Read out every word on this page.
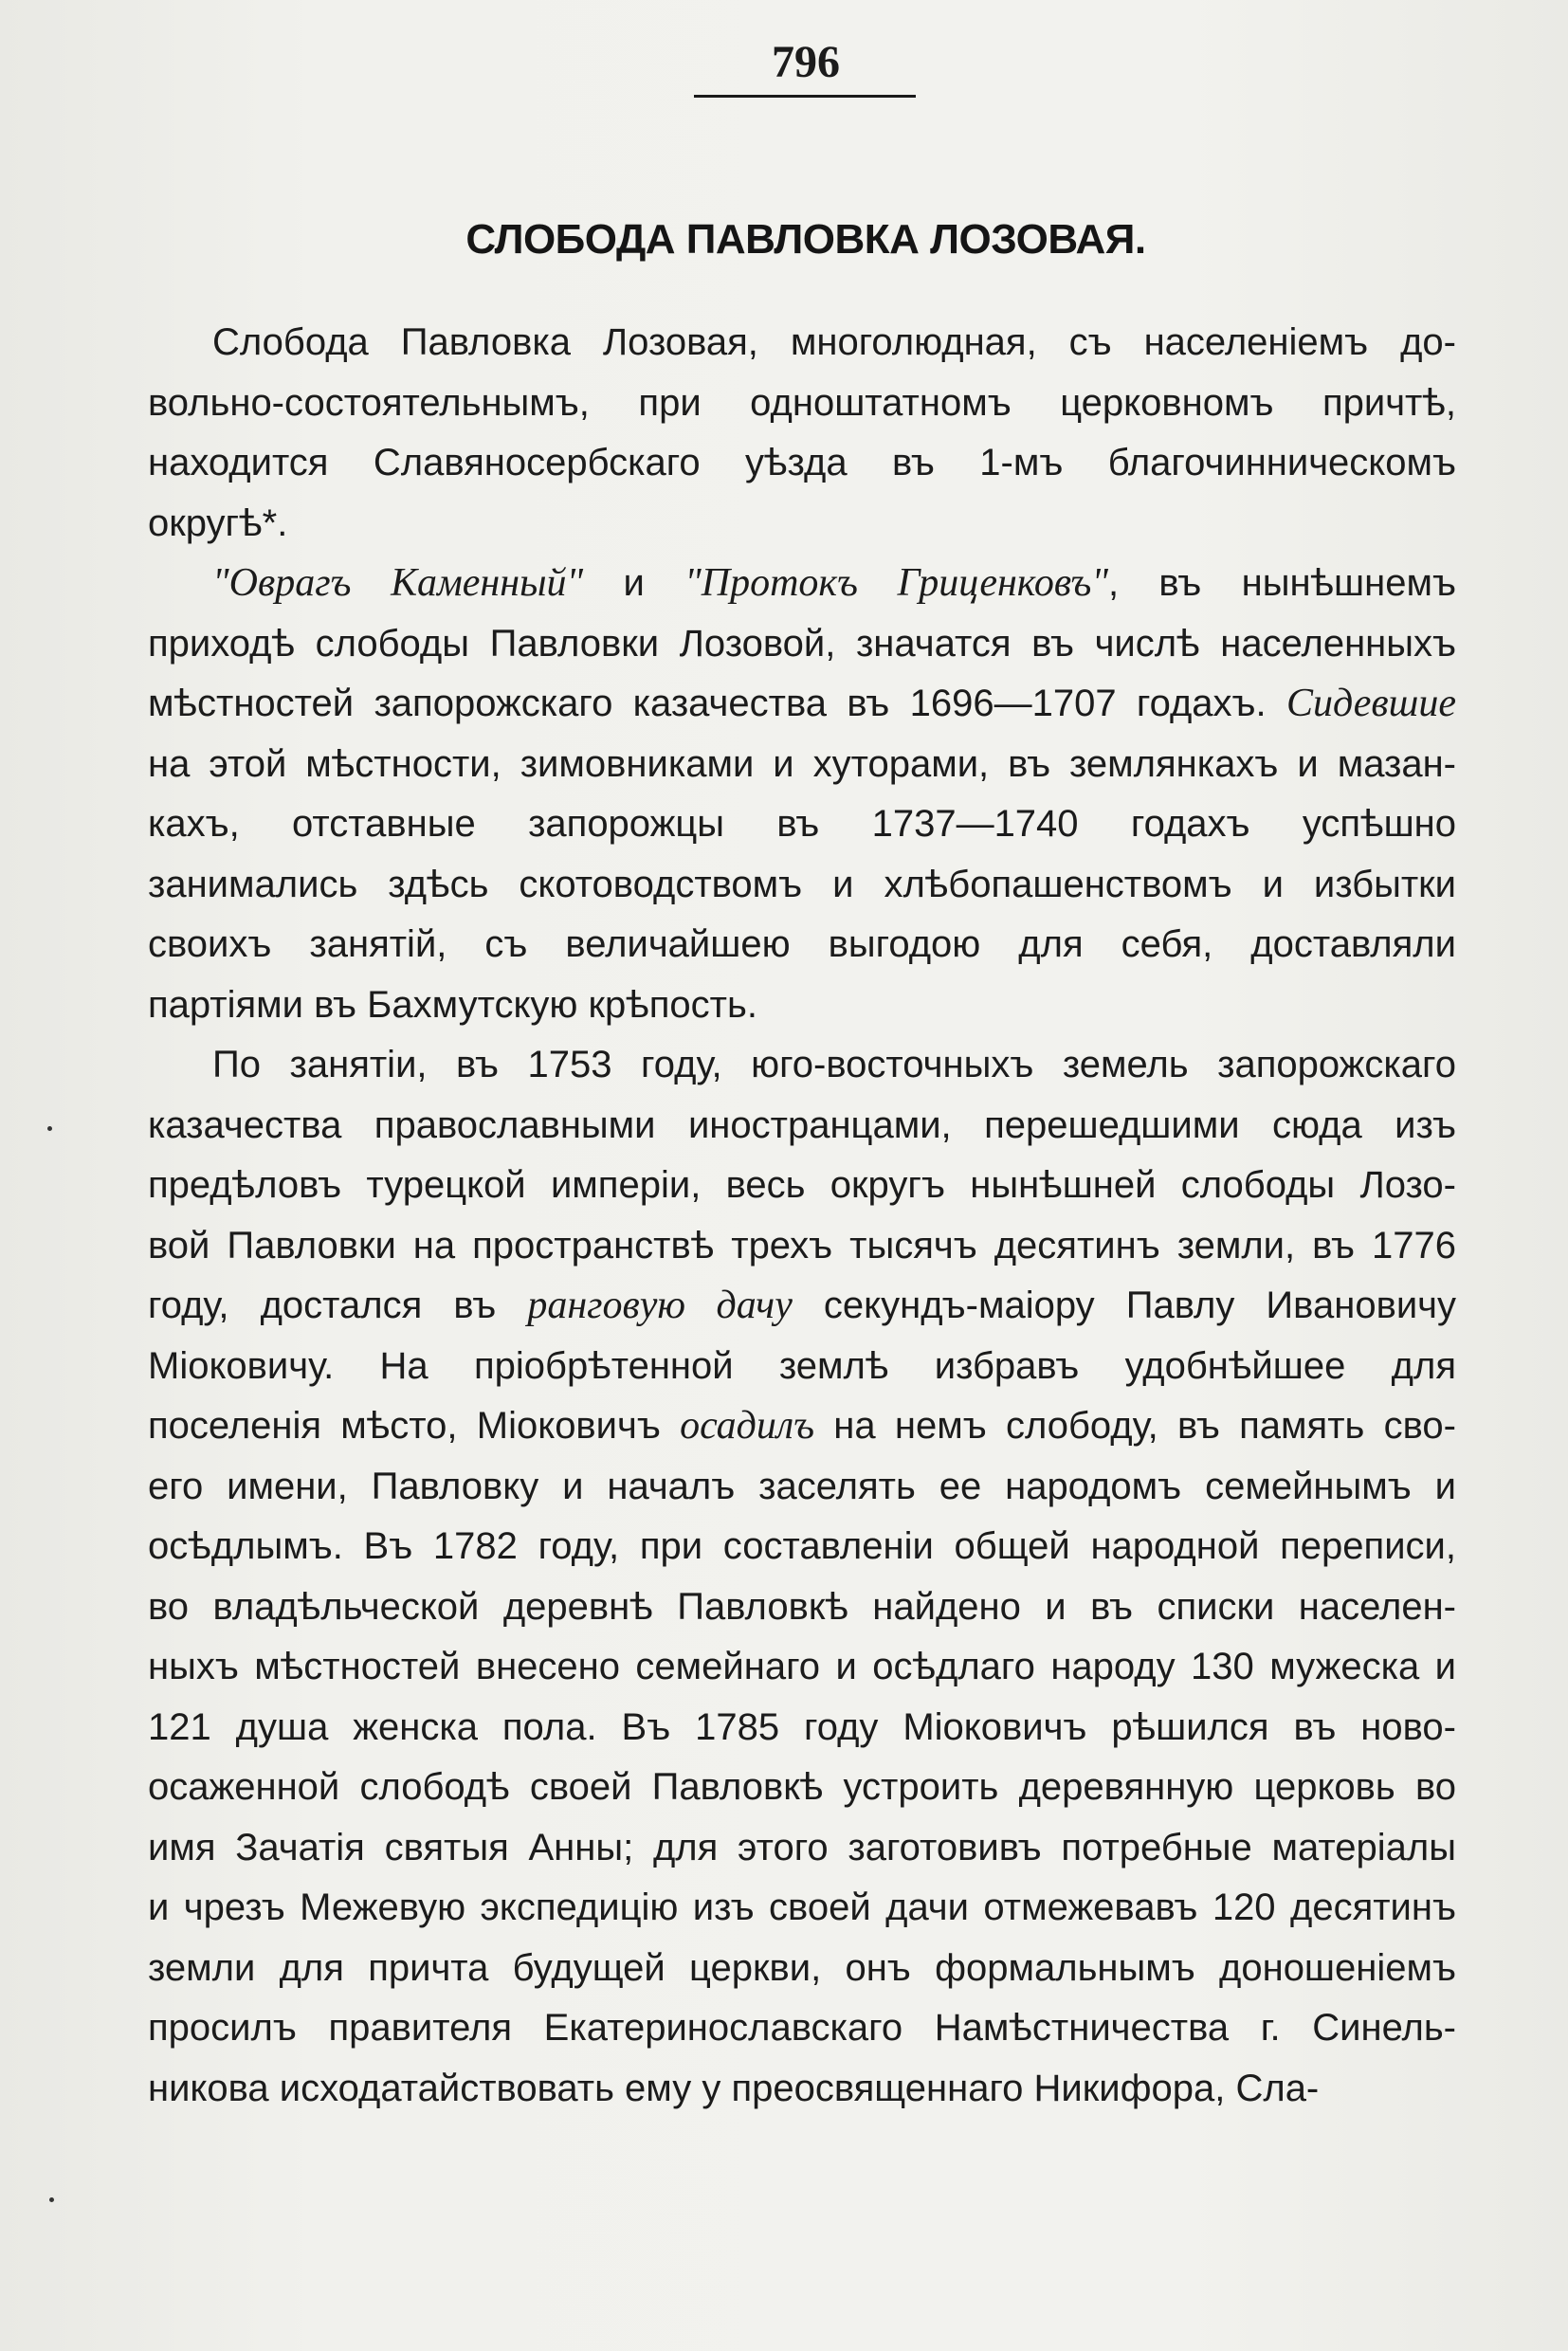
796
СЛОБОДА ПАВЛОВКА ЛОЗОВАЯ.
Слобода Павловка Лозовая, многолюдная, съ населеніемъ до-
вольно-состоятельнымъ, при одноштатномъ церковномъ причтѣ,
находится Славяносербскаго уѣзда въ 1-мъ благочинническомъ
округѣ*.
"Оврагъ Каменный" и "Протокъ Гриценковъ", въ нынѣшнемъ
приходѣ слободы Павловки Лозовой, значатся въ числѣ населенныхъ
мѣстностей запорожскаго казачества въ 1696—1707 годахъ. Сидевшие
на этой мѣстности, зимовниками и хуторами, въ землянкахъ и мазан-
кахъ, отставные запорожцы въ 1737—1740 годахъ успѣшно
занимались здѣсь скотоводствомъ и хлѣбопашенствомъ и избытки
своихъ занятій, съ величайшею выгодою для себя, доставляли
партіями въ Бахмутскую крѣпость.
По занятіи, въ 1753 году, юго-восточныхъ земель запорожскаго
казачества православными иностранцами, перешедшими сюда изъ
предѣловъ турецкой имперіи, весь округъ нынѣшней слободы Лозо-
вой Павловки на пространствѣ трехъ тысячъ десятинъ земли, въ 1776
году, достался въ ранговую дачу секундъ-маіору Павлу Ивановичу
Міоковичу. На пріобрѣтенной землѣ избравъ удобнѣйшее для
поселенія мѣсто, Міоковичъ осадилъ на немъ слободу, въ память сво-
его имени, Павловку и началъ заселять ее народомъ семейнымъ и
осѣдлымъ. Въ 1782 году, при составленіи общей народной переписи,
во владѣльческой деревнѣ Павловкѣ найдено и въ списки населен-
ныхъ мѣстностей внесено семейнаго и осѣдлаго народу 130 мужеска и
121 душа женска пола. Въ 1785 году Міоковичъ рѣшился въ ново-
осаженной слободѣ своей Павловкѣ устроить деревянную церковь во
имя Зачатія святыя Анны; для этого заготовивъ потребные матеріалы
и чрезъ Межевую экспедицію изъ своей дачи отмежевавъ 120 десятинъ
земли для причта будущей церкви, онъ формальнымъ доношеніемъ
просилъ правителя Екатеринославскаго Намѣстничества г. Синель-
никова исходатайствовать ему у преосвященнаго Никифора, Сла-
